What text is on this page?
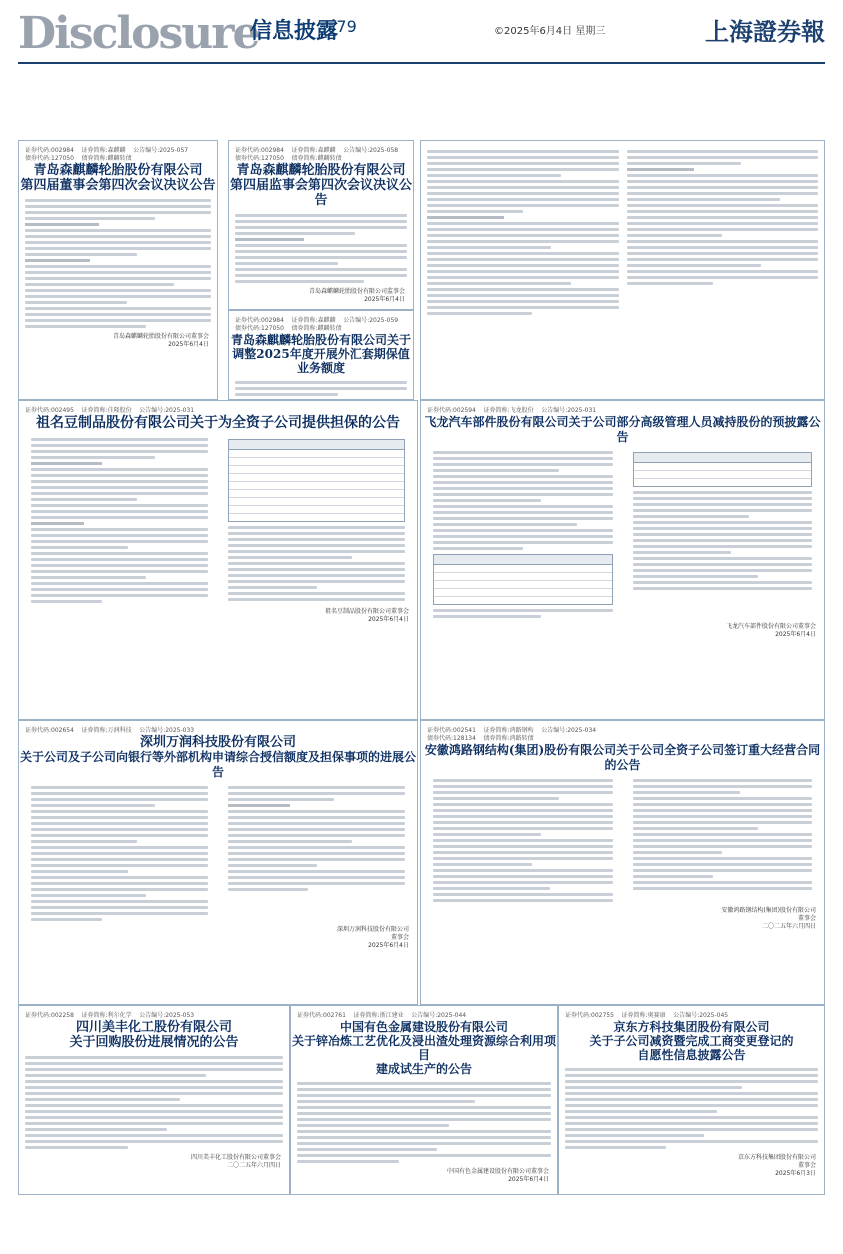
Disclosure
信息披露
/79	©2025年6月4日 星期三	上海證券報
证券代码:002984    证券简称:森麒麟    公告编号:2025-057
债券代码:127050    债券简称:麒麟转债
青岛森麒麟轮胎股份有限公司
第四届董事会第四次会议决议公告
青岛森麒麟轮胎股份有限公司董事会
2025年6月4日
证券代码:002984    证券简称:森麒麟    公告编号:2025-058
债券代码:127050    债券简称:麒麟转债
青岛森麒麟轮胎股份有限公司
第四届监事会第四次会议决议公告
青岛森麒麟轮胎股份有限公司监事会
2025年6月4日
证券代码:002984    证券简称:森麒麟    公告编号:2025-059
债券代码:127050    债券简称:麒麟转债
青岛森麒麟轮胎股份有限公司关于
调整2025年度开展外汇套期保值业务额度
证券代码:002495    证券简称:佳隆股份    公告编号:2025-031
祖名豆制品股份有限公司关于为全资子公司提供担保的公告
祖名豆制品股份有限公司董事会
2025年6月4日
证券代码:002594    证券简称:飞龙股份    公告编号:2025-031
飞龙汽车部件股份有限公司关于公司部分高级管理人员减持股份的预披露公告
飞龙汽车部件股份有限公司董事会
2025年6月4日
证券代码:002654    证券简称:万润科技    公告编号:2025-033
深圳万润科技股份有限公司
关于公司及子公司向银行等外部机构申请综合授信额度及担保事项的进展公告
深圳万润科技股份有限公司
董事会
2025年6月4日
证券代码:002541    证券简称:鸿路钢构    公告编号:2025-034
债券代码:128134    债券简称:鸿路转债
安徽鸿路钢结构(集团)股份有限公司关于公司全资子公司签订重大经营合同的公告
安徽鸿路钢结构(集团)股份有限公司
董事会
二〇二五年六月四日
证券代码:002258    证券简称:利尔化学    公告编号:2025-053
四川美丰化工股份有限公司
关于回购股份进展情况的公告
四川美丰化工股份有限公司董事会
二〇二五年六月四日
证券代码:002761    证券简称:浙江建业    公告编号:2025-044
中国有色金属建设股份有限公司
关于锌冶炼工艺优化及浸出渣处理资源综合利用项目
建成试生产的公告
中国有色金属建设股份有限公司董事会
2025年6月4日
证券代码:002755    证券简称:奥赛康    公告编号:2025-045
京东方科技集团股份有限公司
关于子公司减资暨完成工商变更登记的
自愿性信息披露公告
京东方科技集团股份有限公司
董事会
2025年6月3日
